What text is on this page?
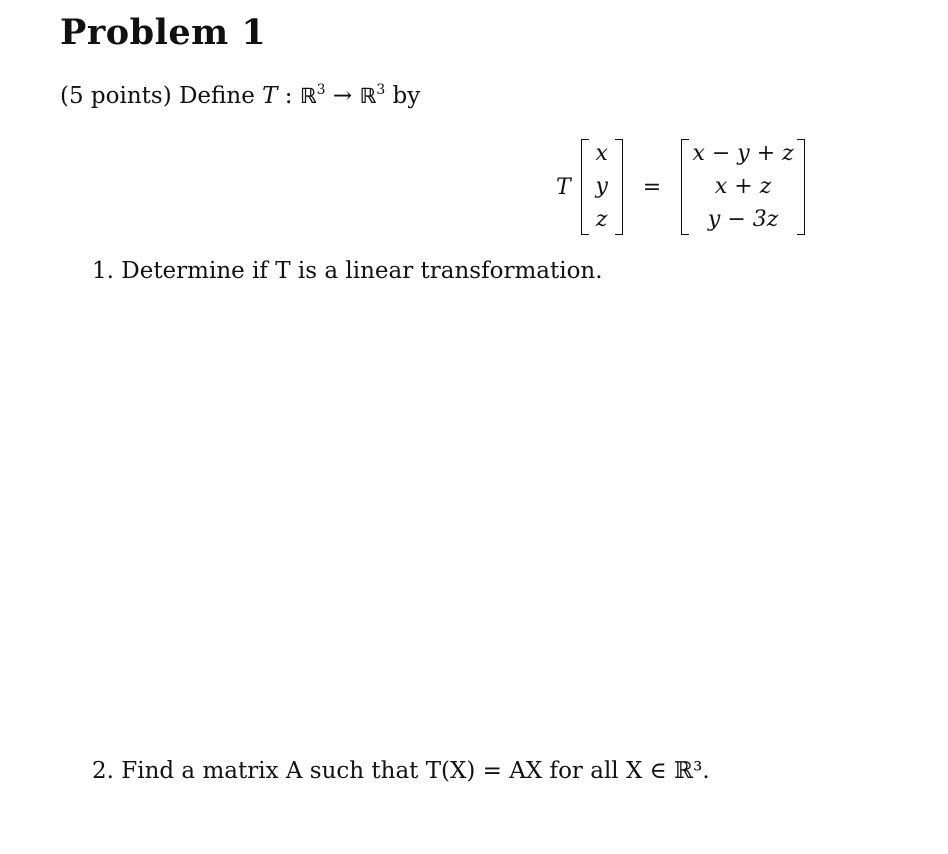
Problem 1
(5 points) Define T : ℝ$^3$ → ℝ$^3$ by
T
x
y
z
=
x − y + z
x + z
y − 3z
1. Determine if T is a linear transformation.
2. Find a matrix A such that T(X) = AX for all X ∈ ℝ³.
